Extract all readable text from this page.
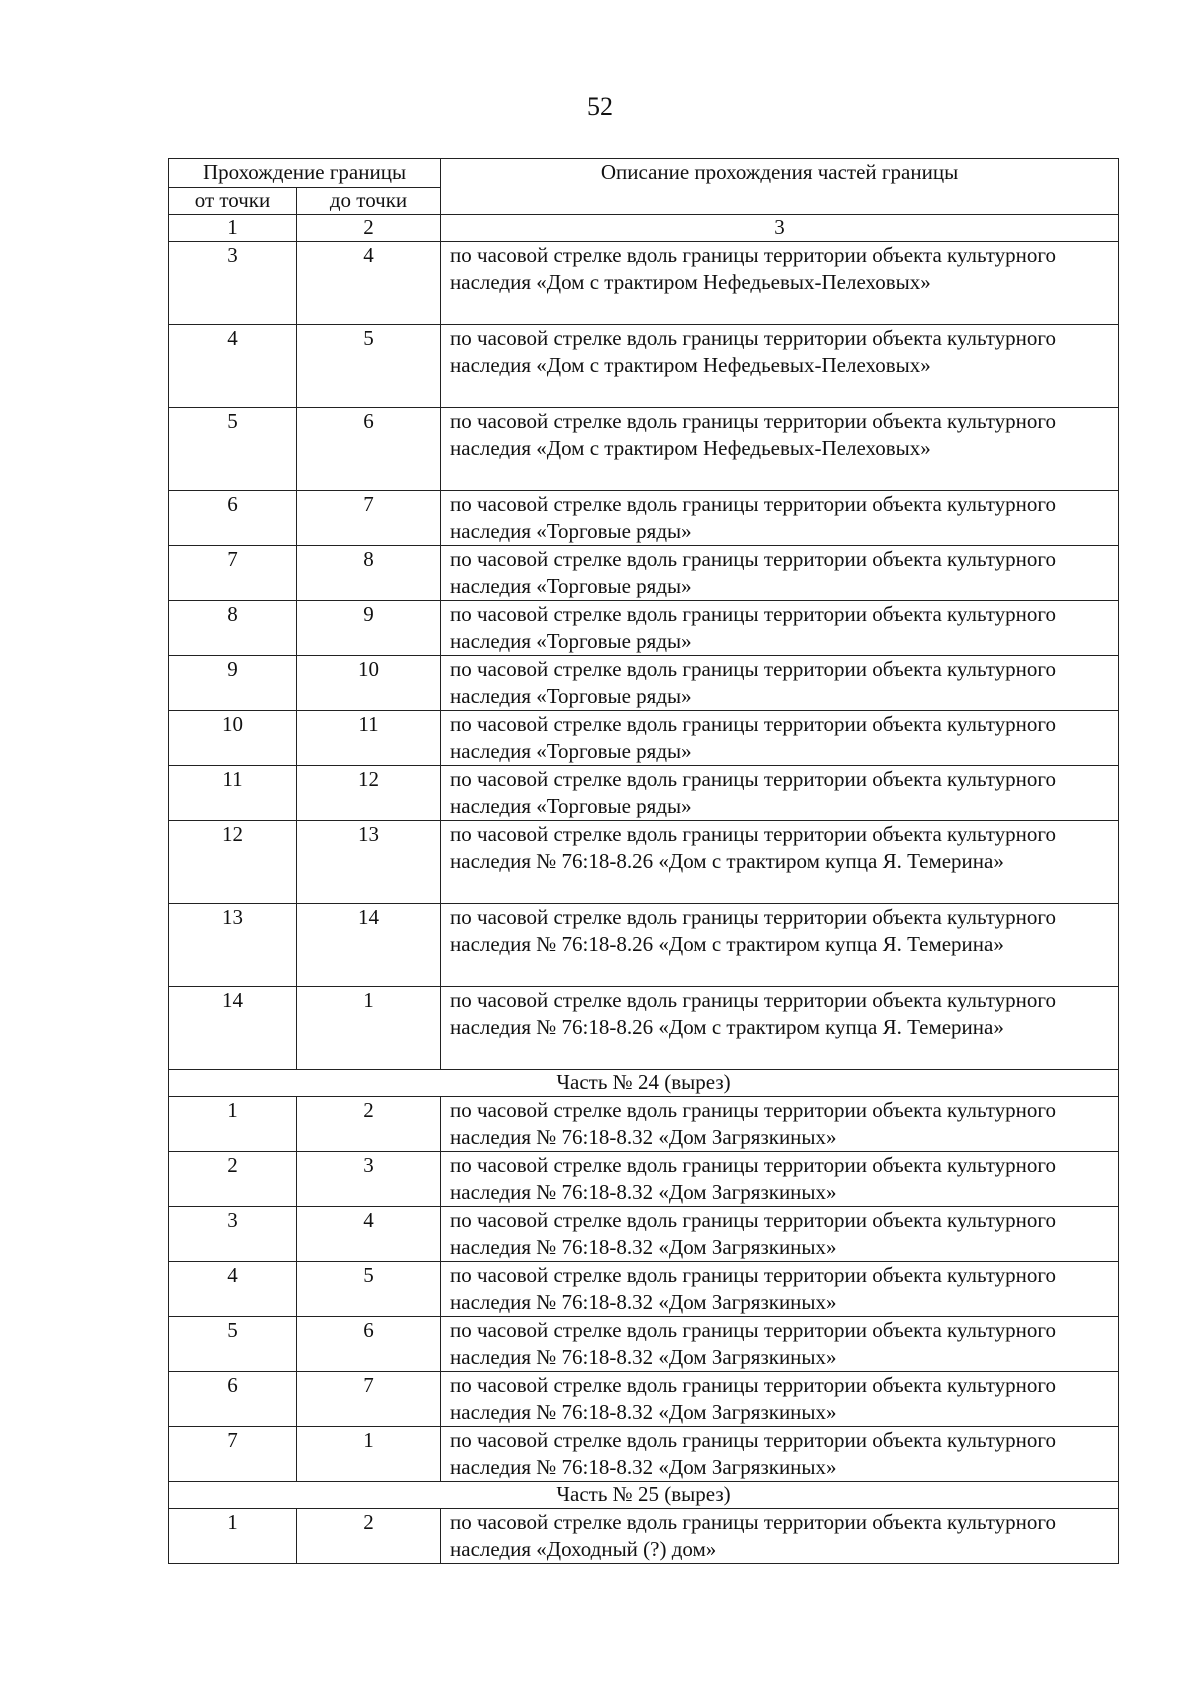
52
Прохождение границы		Описание прохождения частей границы
от точки	до точки	
1	2	3
3	4	по часовой стрелке вдоль границы территории объекта культурного наследия «Дом с трактиром Нефедьевых-Пелеховых»
4	5	по часовой стрелке вдоль границы территории объекта культурного наследия «Дом с трактиром Нефедьевых-Пелеховых»
5	6	по часовой стрелке вдоль границы территории объекта культурного наследия «Дом с трактиром Нефедьевых-Пелеховых»
6	7	по часовой стрелке вдоль границы территории объекта культурного наследия «Торговые ряды»
7	8	по часовой стрелке вдоль границы территории объекта культурного наследия «Торговые ряды»
8	9	по часовой стрелке вдоль границы территории объекта культурного наследия «Торговые ряды»
9	10	по часовой стрелке вдоль границы территории объекта культурного наследия «Торговые ряды»
10	11	по часовой стрелке вдоль границы территории объекта культурного наследия «Торговые ряды»
11	12	по часовой стрелке вдоль границы территории объекта культурного наследия «Торговые ряды»
12	13	по часовой стрелке вдоль границы территории объекта культурного наследия № 76:18-8.26 «Дом с трактиром купца Я. Темерина»
13	14	по часовой стрелке вдоль границы территории объекта культурного наследия № 76:18-8.26 «Дом с трактиром купца Я. Темерина»
14	1	по часовой стрелке вдоль границы территории объекта культурного наследия № 76:18-8.26 «Дом с трактиром купца Я. Темерина»
Часть № 24 (вырез)		
1	2	по часовой стрелке вдоль границы территории объекта культурного наследия № 76:18-8.32 «Дом Загрязкиных»
2	3	по часовой стрелке вдоль границы территории объекта культурного наследия № 76:18-8.32 «Дом Загрязкиных»
3	4	по часовой стрелке вдоль границы территории объекта культурного наследия № 76:18-8.32 «Дом Загрязкиных»
4	5	по часовой стрелке вдоль границы территории объекта культурного наследия № 76:18-8.32 «Дом Загрязкиных»
5	6	по часовой стрелке вдоль границы территории объекта культурного наследия № 76:18-8.32 «Дом Загрязкиных»
6	7	по часовой стрелке вдоль границы территории объекта культурного наследия № 76:18-8.32 «Дом Загрязкиных»
7	1	по часовой стрелке вдоль границы территории объекта культурного наследия № 76:18-8.32 «Дом Загрязкиных»
Часть № 25 (вырез)		
1	2	по часовой стрелке вдоль границы территории объекта культурного наследия «Доходный (?) дом»
